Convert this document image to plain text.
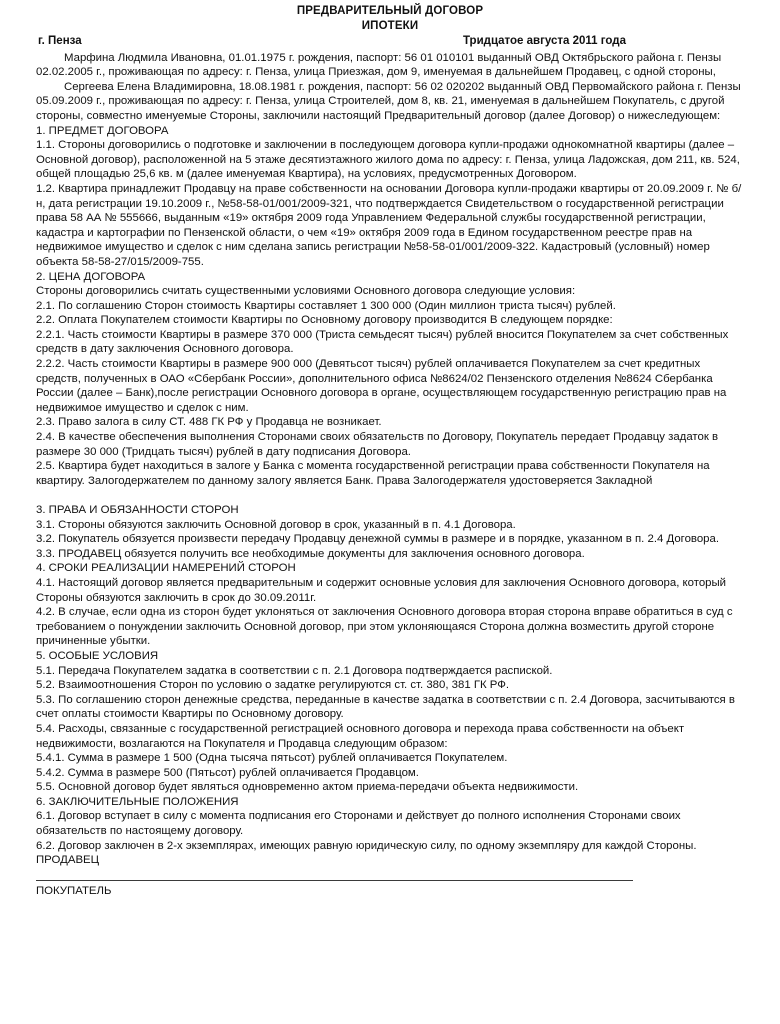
ПРЕДВАРИТЕЛЬНЫЙ ДОГОВОР
ИПОТЕКИ
г. Пенза	Тридцатое августа 2011 года

Марфина Людмила Ивановна, 01.01.1975 г. рождения, паспорт: 56 01 010101 выданный ОВД Октябрьского района г. Пензы 02.02.2005 г., проживающая по адресу: г. Пенза, улица Приезжая, дом 9, именуемая в дальнейшем Продавец, с одной стороны,

Сергеева Елена Владимировна, 18.08.1981 г. рождения, паспорт: 56 02 020202 выданный ОВД Первомайского района г. Пензы 05.09.2009 г., проживающая по адресу: г. Пенза, улица Строителей, дом 8, кв. 21, именуемая в дальнейшем Покупатель, с другой стороны, совместно именуемые Стороны, заключили настоящий Предварительный договор (далее Договор) о нижеследующем:

1. ПРЕДМЕТ ДОГОВОРА

1.1. Стороны договорились о подготовке и заключении в последующем договора купли-продажи однокомнатной квартиры (далее – Основной договор), расположенной на 5 этаже десятиэтажного жилого дома по адресу: г. Пенза, улица Ладожская, дом 211, кв. 524, общей площадью 25,6 кв. м (далее именуемая Квартира), на условиях, предусмотренных Договором.

1.2. Квартира принадлежит Продавцу на праве собственности на основании Договора купли-продажи квартиры от 20.09.2009 г. № б/н, дата регистрации 19.10.2009 г., №58-58-01/001/2009-321, что подтверждается Свидетельством о государственной регистрации права 58 АА № 555666, выданным «19» октября 2009 года Управлением Федеральной службы государственной регистрации, кадастра и картографии по Пензенской области, о чем «19» октября 2009 года в Едином государственном реестре прав на недвижимое имущество и сделок с ним сделана запись регистрации №58-58-01/001/2009-322. Кадастровый (условный) номер объекта 58-58-27/015/2009-755.

2. ЦЕНА ДОГОВОРА

Стороны договорились считать существенными условиями Основного договора следующие условия:

2.1. По соглашению Сторон стоимость Квартиры составляет 1 300 000 (Один миллион триста тысяч) рублей.

2.2. Оплата Покупателем стоимости Квартиры по Основному договору производится В следующем порядке:

2.2.1. Часть стоимости Квартиры в размере 370 000 (Триста семьдесят тысяч) рублей вносится Покупателем за счет собственных средств в дату заключения Основного договора.

2.2.2. Часть стоимости Квартиры в размере 900 000 (Девятьсот тысяч) рублей оплачивается Покупателем за счет кредитных средств, полученных в ОАО «Сбербанк России», дополнительного офиса №8624/02 Пензенского отделения №8624 Сбербанка России (далее – Банк),после регистрации Основного договора в органе, осуществляющем государственную регистрацию прав на недвижимое имущество и сделок с ним.

2.3. Право залога в силу СТ. 488 ГК РФ у Продавца не возникает.

2.4. В качестве обеспечения выполнения Сторонами своих обязательств по Договору, Покупатель передает Продавцу задаток в размере 30 000 (Тридцать тысяч) рублей в дату подписания Договора.

2.5. Квартира будет находиться в залоге у Банка с момента государственной регистрации права собственности Покупателя на квартиру. Залогодержателем по данному залогу является Банк. Права Залогодержателя удостоверяется Закладной

3. ПРАВА И ОБЯЗАННОСТИ СТОРОН

3.1. Стороны обязуются заключить Основной договор в срок, указанный в п. 4.1 Договора.

3.2. Покупатель обязуется произвести передачу Продавцу денежной суммы в размере и в порядке, указанном в п. 2.4 Договора.

3.3. ПРОДАВЕЦ обязуется получить все необходимые документы для заключения основного договора.

4. СРОКИ РЕАЛИЗАЦИИ НАМЕРЕНИЙ СТОРОН

4.1. Настоящий договор является предварительным и содержит основные условия для заключения Основного договора, который Стороны обязуются заключить в срок до 30.09.2011г.

4.2. В случае, если одна из сторон будет уклоняться от заключения Основного договора вторая сторона вправе обратиться в суд с требованием о понуждении заключить Основной договор, при этом уклоняющаяся Сторона должна возместить другой стороне причиненные убытки.

5. ОСОБЫЕ УСЛОВИЯ

5.1. Передача Покупателем задатка в соответствии с п. 2.1 Договора подтверждается распиской.

5.2. Взаимоотношения Сторон по условию о задатке регулируются ст. ст. 380, 381 ГК РФ.

5.3. По соглашению сторон денежные средства, переданные в качестве задатка в соответствии с п. 2.4 Договора, засчитываются в счет оплаты стоимости Квартиры по Основному договору.

5.4. Расходы, связанные с государственной регистрацией основного договора и перехода права собственности на объект недвижимости, возлагаются на Покупателя и Продавца следующим образом:

5.4.1. Сумма в размере 1 500 (Одна тысяча пятьсот) рублей оплачивается Покупателем.

5.4.2. Сумма в размере 500 (Пятьсот) рублей оплачивается Продавцом.

5.5. Основной договор будет являться одновременно актом приема-передачи объекта недвижимости.

6. ЗАКЛЮЧИТЕЛЬНЫЕ ПОЛОЖЕНИЯ

6.1. Договор вступает в силу с момента подписания его Сторонами и действует до полного исполнения Сторонами своих обязательств по настоящему договору.

6.2. Договор заключен в 2-х экземплярах, имеющих равную юридическую силу, по одному экземпляру для каждой Стороны.

ПРОДАВЕЦ

ПОКУПАТЕЛЬ
